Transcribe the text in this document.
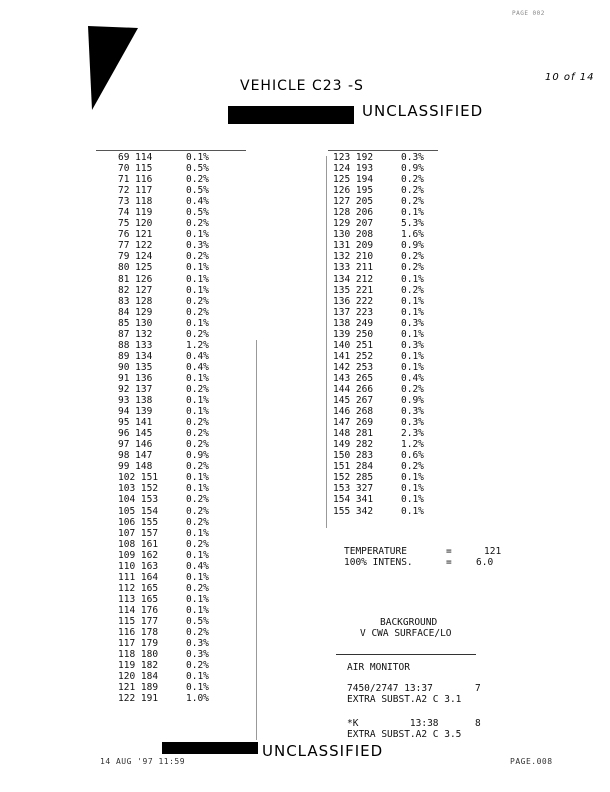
PAGE 002
VEHICLE C23 -S
10 of 14
UNCLASSIFIED
69 114	0.1%
70 115	0.5%
71 116	0.2%
72 117	0.5%
73 118	0.4%
74 119	0.5%
75 120	0.2%
76 121	0.1%
77 122	0.3%
79 124	0.2%
80 125	0.1%
81 126	0.1%
82 127	0.1%
83 128	0.2%
84 129	0.2%
85 130	0.1%
87 132	0.2%
88 133	1.2%
89 134	0.4%
90 135	0.4%
91 136	0.1%
92 137	0.2%
93 138	0.1%
94 139	0.1%
95 141	0.2%
96 145	0.2%
97 146	0.2%
98 147	0.9%
99 148	0.2%
102 151	0.1%
103 152	0.1%
104 153	0.2%
105 154	0.2%
106 155	0.2%
107 157	0.1%
108 161	0.2%
109 162	0.1%
110 163	0.4%
111 164	0.1%
112 165	0.2%
113 165	0.1%
114 176	0.1%
115 177	0.5%
116 178	0.2%
117 179	0.3%
118 180	0.3%
119 182	0.2%
120 184	0.1%
121 189	0.1%
122 191	1.0%
123 192	0.3%
124 193	0.9%
125 194	0.2%
126 195	0.2%
127 205	0.2%
128 206	0.1%
129 207	5.3%
130 208	1.6%
131 209	0.9%
132 210	0.2%
133 211	0.2%
134 212	0.1%
135 221	0.2%
136 222	0.1%
137 223	0.1%
138 249	0.3%
139 250	0.1%
140 251	0.3%
141 252	0.1%
142 253	0.1%
143 265	0.4%
144 266	0.2%
145 267	0.9%
146 268	0.3%
147 269	0.3%
148 281	2.3%
149 282	1.2%
150 283	0.6%
151 284	0.2%
152 285	0.1%
153 327	0.1%
154 341	0.1%
155 342	0.1%
TEMPERATURE	=	121
100% INTENS.	=	6.0
BACKGROUND
V CWA SURFACE/LO
AIR MONITOR
7450/2747 13:37	7
EXTRA SUBST.A2 C 3.1
*K         13:38	8
EXTRA SUBST.A2 C 3.5
UNCLASSIFIED
14 AUG '97 11:59	PAGE.008
